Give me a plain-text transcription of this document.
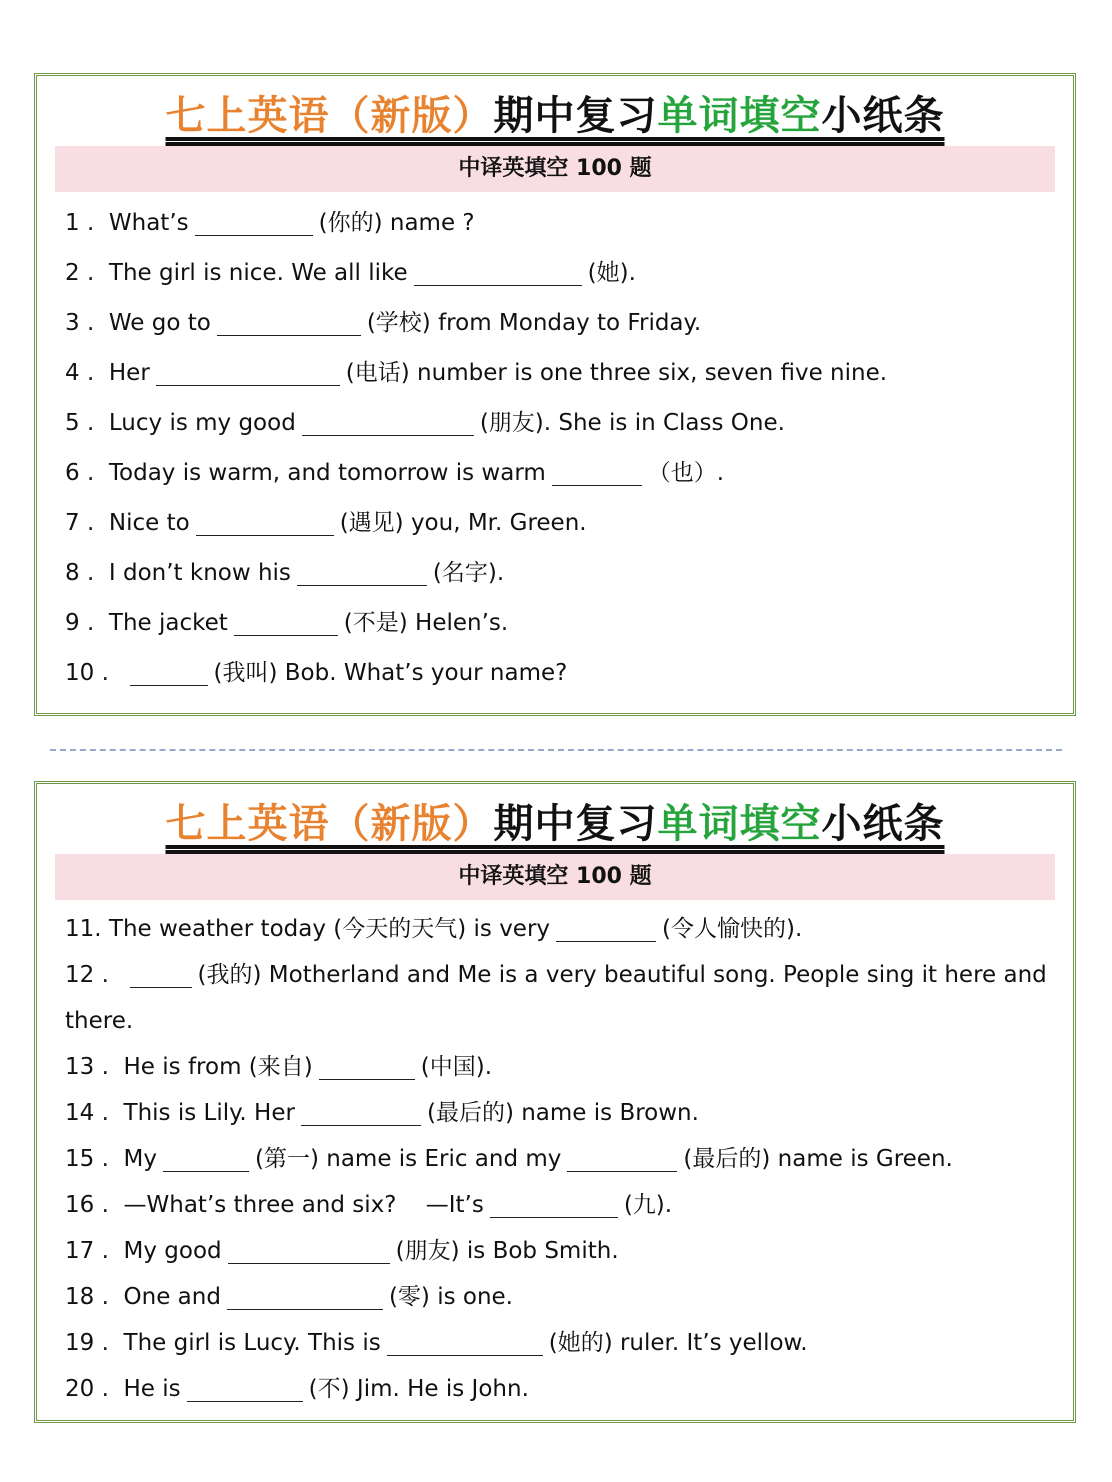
七上英语（新版）期中复习单词填空小纸条
中译英填空 100 题
1 . What’s	(你的) name ?
2 . The girl is nice. We all like	(她).
3 . We go to	(学校) from Monday to Friday.
4 . Her	(电话) number is one three six, seven five nine.
5 . Lucy is my good	(朋友). She is in Class One.
6 . Today is warm, and tomorrow is warm	（也）.
7 . Nice to	(遇见) you, Mr. Green.
8 . I don’t know his	(名字).
9 . The jacket	(不是) Helen’s.
10 .	(我叫) Bob. What’s your name?
七上英语（新版）期中复习单词填空小纸条
中译英填空 100 题
11. The weather today (今天的天气) is very	(令人愉快的).
12 .	(我的) Motherland and Me is a very beautiful song. People sing it here and there.
13 . He is from (来自)	(中国).
14 . This is Lily. Her	(最后的) name is Brown.
15 . My	(第一) name is Eric and my	(最后的) name is Green.
16 . —What’s three and six?    —It’s	(九).
17 . My good	(朋友) is Bob Smith.
18 . One and	(零) is one.
19 . The girl is Lucy. This is	(她的) ruler. It’s yellow.
20 . He is	(不) Jim. He is John.
